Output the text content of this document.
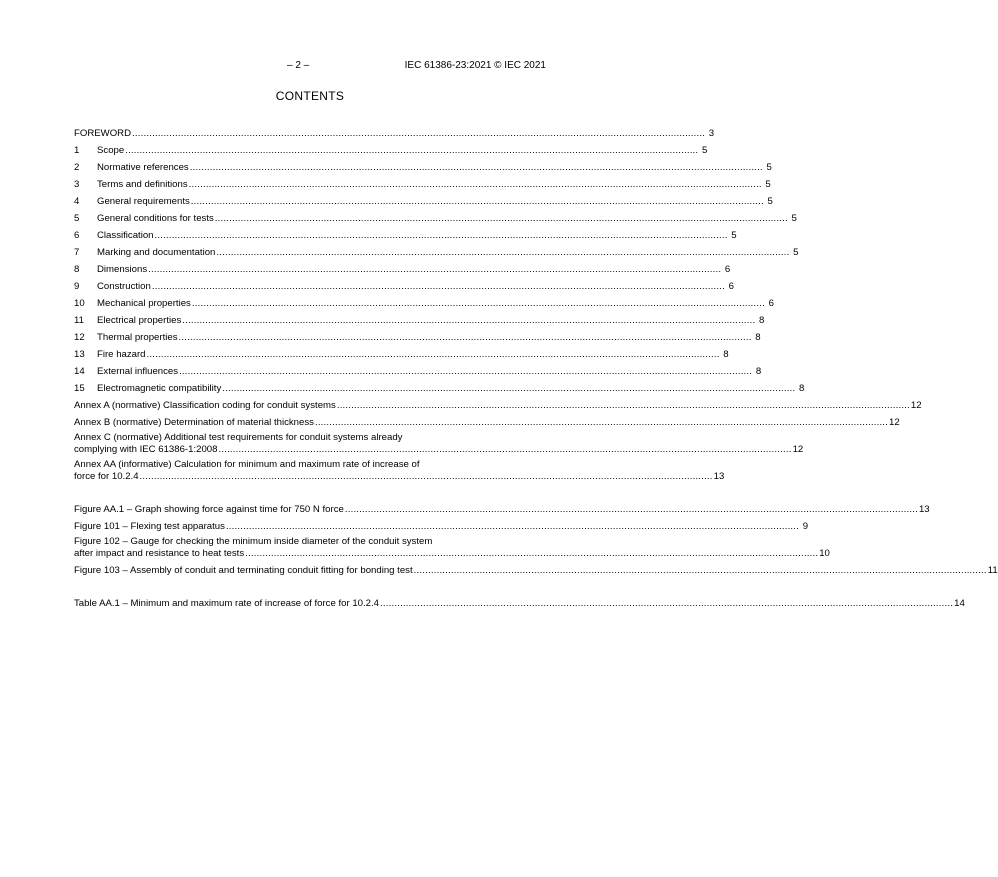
– 2 –	IEC 61386-23:2021 © IEC 2021
CONTENTS
FOREWORD ........................................................................................................................................................................................................ 3
1	Scope ........................................................................................................................................................................................................ 5
2	Normative references ........................................................................................................................................................................................................ 5
3	Terms and definitions ........................................................................................................................................................................................................ 5
4	General requirements ........................................................................................................................................................................................................ 5
5	General conditions for tests ........................................................................................................................................................................................................ 5
6	Classification ........................................................................................................................................................................................................ 5
7	Marking and documentation ........................................................................................................................................................................................................ 5
8	Dimensions ........................................................................................................................................................................................................ 6
9	Construction ........................................................................................................................................................................................................ 6
10	Mechanical properties ........................................................................................................................................................................................................ 6
11	Electrical properties ........................................................................................................................................................................................................ 8
12	Thermal properties ........................................................................................................................................................................................................ 8
13	Fire hazard ........................................................................................................................................................................................................ 8
14	External influences ........................................................................................................................................................................................................ 8
15	Electromagnetic compatibility ........................................................................................................................................................................................................ 8
Annex A (normative) Classification coding for conduit systems ........................................................................................................................................................................................................ 12
Annex B (normative) Determination of material thickness ........................................................................................................................................................................................................ 12
Annex C (normative) Additional test requirements for conduit systems already
complying with IEC 61386-1:2008 ........................................................................................................................................................................................................ 12
Annex AA (informative) Calculation for minimum and maximum rate of increase of
force for 10.2.4 ........................................................................................................................................................................................................ 13
Figure AA.1 – Graph showing force against time for 750 N force ........................................................................................................................................................................................................ 13
Figure 101 – Flexing test apparatus ........................................................................................................................................................................................................ 9
Figure 102 – Gauge for checking the minimum inside diameter of the conduit system
after impact and resistance to heat tests ........................................................................................................................................................................................................ 10
Figure 103 – Assembly of conduit and terminating conduit fitting for bonding test ........................................................................................................................................................................................................ 11
Table AA.1 – Minimum and maximum rate of increase of force for 10.2.4 ........................................................................................................................................................................................................ 14
